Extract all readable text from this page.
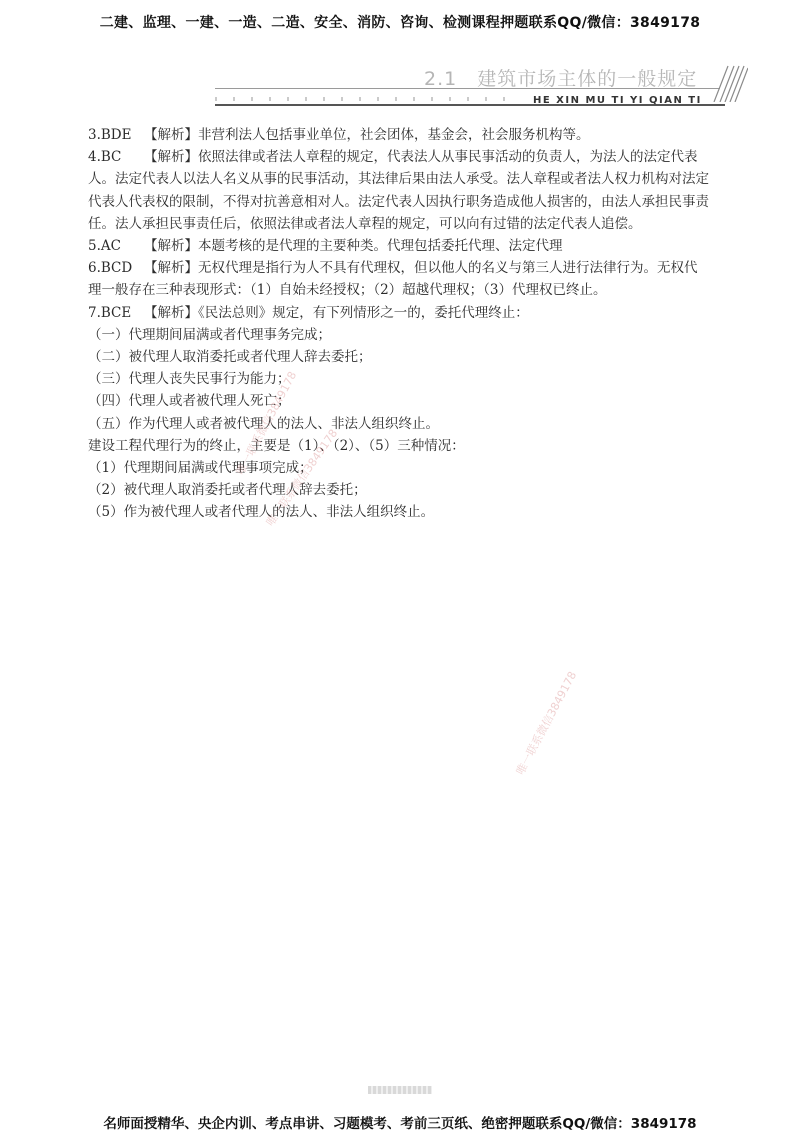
二建、监理、一建、一造、二造、安全、消防、咨询、检测课程押题联系QQ/微信：3849178
2.1　建筑市场主体的一般规定
HE XIN MU TI YI QIAN TI

3.BDE 【解析】非营利法人包括事业单位，社会团体，基金会，社会服务机构等。

4.BC 【解析】依照法律或者法人章程的规定，代表法人从事民事活动的负责人，为法人的法定代表人。法定代表人以法人名义从事的民事活动，其法律后果由法人承受。法人章程或者法人权力机构对法定代表人代表权的限制，不得对抗善意相对人。法定代表人因执行职务造成他人损害的，由法人承担民事责任。法人承担民事责任后，依照法律或者法人章程的规定，可以向有过错的法定代表人追偿。

5.AC 【解析】本题考核的是代理的主要种类。代理包括委托代理、法定代理

6.BCD 【解析】无权代理是指行为人不具有代理权，但以他人的名义与第三人进行法律行为。无权代理一般存在三种表现形式：（1）自始未经授权；（2）超越代理权；（3）代理权已终止。

7.BCE 【解析】《民法总则》规定，有下列情形之一的，委托代理终止：

（一）代理期间届满或者代理事务完成；

（二）被代理人取消委托或者代理人辞去委托；

（三）代理人丧失民事行为能力；

（四）代理人或者被代理人死亡；

（五）作为代理人或者被代理人的法人、非法人组织终止。

建设工程代理行为的终止，主要是（1）、（2）、（5）三种情况：

（1）代理期间届满或代理事项完成；

（2）被代理人取消委托或者代理人辞去委托；

（5）作为被代理人或者代理人的法人、非法人组织终止。

唯一联系微信3849178
唯一联系微信3849178
唯一联系微信3849178
名师面授精华、央企内训、考点串讲、习题模考、考前三页纸、绝密押题联系QQ/微信：3849178
